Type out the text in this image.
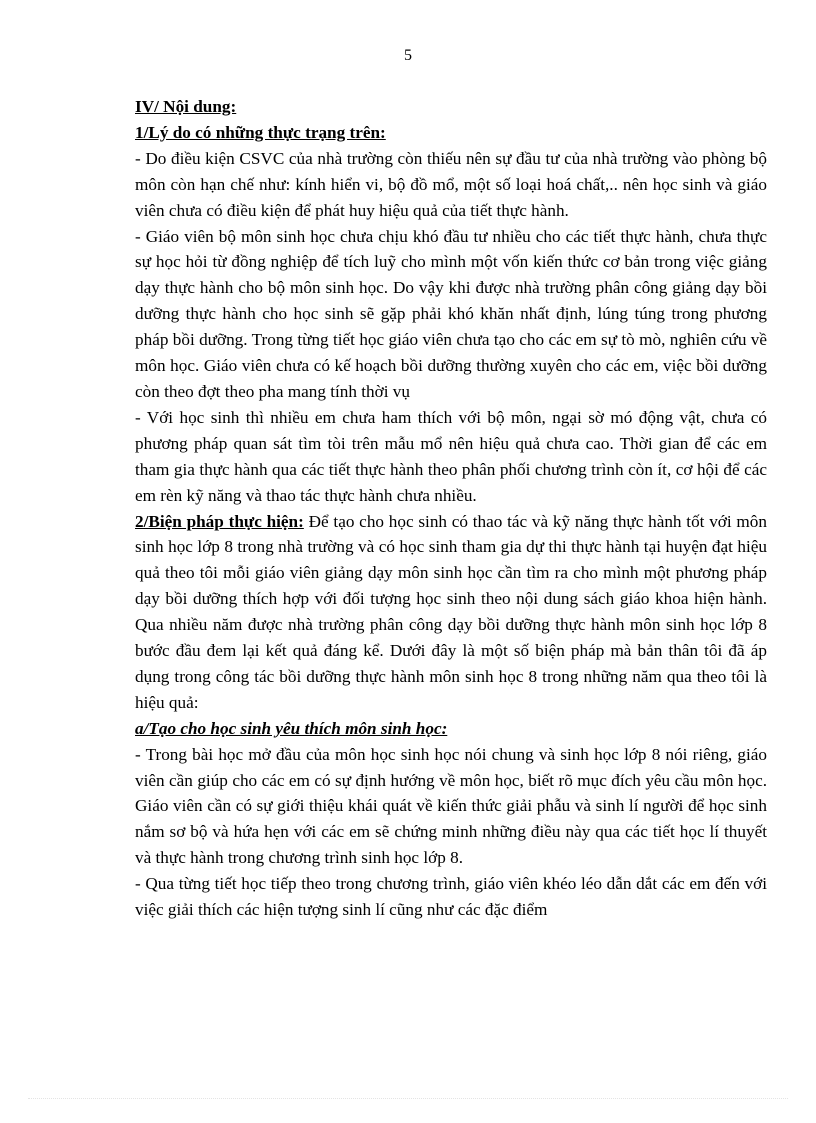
5

IV/ Nội dung:

1/Lý do có những thực trạng trên:

- Do điều kiện CSVC của nhà trường còn thiếu nên sự đầu tư của nhà trường vào phòng bộ môn còn hạn chế như: kính hiển vi, bộ đồ mổ, một số loại hoá chất,.. nên học sinh và giáo viên chưa có điều kiện để phát huy hiệu quả của tiết thực hành.

- Giáo viên bộ môn sinh học chưa chịu khó đầu tư nhiều cho các tiết thực hành, chưa thực sự học hỏi từ đồng nghiệp để tích luỹ cho mình một vốn kiến thức cơ bản trong việc giảng dạy thực hành cho bộ môn sinh học. Do vậy khi được nhà trường phân công giảng dạy bồi dưỡng thực hành cho học sinh sẽ gặp phải khó khăn nhất định, lúng túng trong phương pháp bồi dưỡng. Trong từng tiết học giáo viên chưa tạo cho các em sự tò mò, nghiên cứu về môn học. Giáo viên chưa có kế hoạch bồi dưỡng thường xuyên cho các em, việc bồi dưỡng còn theo đợt theo pha mang tính thời vụ

- Với học sinh thì nhiều em chưa ham thích với bộ môn, ngại sờ mó động vật, chưa có phương pháp quan sát tìm tòi trên mẫu mổ nên hiệu quả chưa cao. Thời gian để các em tham gia thực hành qua các tiết thực hành theo phân phối chương trình còn ít, cơ hội để các em rèn kỹ năng và thao tác thực hành chưa nhiều.

2/Biện pháp thực hiện: Để tạo cho học sinh có thao tác và kỹ năng thực hành tốt với môn sinh học lớp 8 trong nhà trường và có học sinh tham gia dự thi thực hành tại huyện đạt hiệu quả theo tôi mỗi giáo viên giảng dạy môn sinh học cần tìm ra cho mình một phương pháp dạy bồi dưỡng thích hợp với đối tượng học sinh theo nội dung sách giáo khoa hiện hành. Qua nhiều năm được nhà trường phân công dạy bồi dưỡng thực hành môn sinh học lớp 8 bước đầu đem lại kết quả đáng kể. Dưới đây là một số biện pháp mà bản thân tôi đã áp dụng trong công tác bồi dưỡng thực hành môn sinh học 8 trong những năm qua theo tôi là hiệu quả:

a/Tạo cho học sinh yêu thích môn sinh học:

- Trong bài học mở đầu của môn học sinh học nói chung và sinh học lớp 8 nói riêng, giáo viên cần giúp cho các em có sự định hướng về môn học, biết rõ mục đích yêu cầu môn học. Giáo viên cần có sự giới thiệu khái quát về kiến thức giải phẫu và sinh lí người để học sinh nắm sơ bộ và hứa hẹn với các em sẽ chứng minh những điều này qua các tiết học lí thuyết và thực hành trong chương trình sinh học lớp 8.

- Qua từng tiết học tiếp theo trong chương trình, giáo viên khéo léo dẫn dắt các em đến với việc giải thích các hiện tượng sinh lí cũng như các đặc điểm
